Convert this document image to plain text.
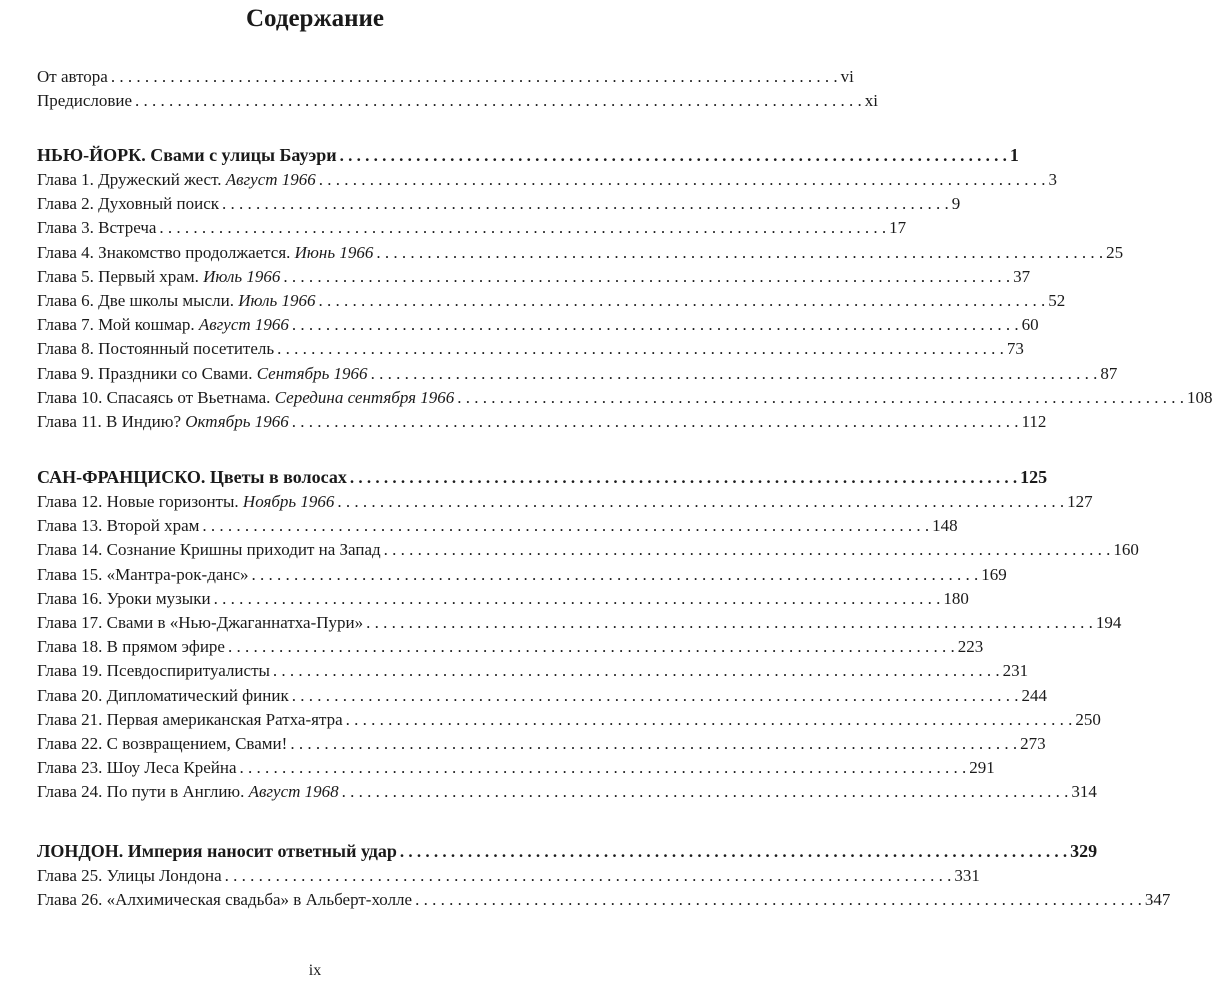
Содержание
От автора . . .	vi
Предисловие . . .	xi
НЬЮ-ЙОРК. Свами с улицы Бауэри . . .	1
Глава 1. Дружеский жест. Август 1966 . . .	3
Глава 2. Духовный поиск . . .	9
Глава 3. Встреча . . .	17
Глава 4. Знакомство продолжается. Июнь 1966 . . .	25
Глава 5. Первый храм. Июль 1966 . . .	37
Глава 6. Две школы мысли. Июль 1966 . . .	52
Глава 7. Мой кошмар. Август 1966 . . .	60
Глава 8. Постоянный посетитель . . .	73
Глава 9. Праздники со Свами. Сентябрь 1966 . . .	87
Глава 10. Спасаясь от Вьетнама. Середина сентября 1966 . . .	108
Глава 11. В Индию? Октябрь 1966 . . .	112
САН-ФРАНЦИСКО. Цветы в волосах . . .	125
Глава 12. Новые горизонты. Ноябрь 1966 . . .	127
Глава 13. Второй храм . . .	148
Глава 14. Сознание Кришны приходит на Запад . . .	160
Глава 15. «Мантра-рок-данс» . . .	169
Глава 16. Уроки музыки . . .	180
Глава 17. Свами в «Нью-Джаганнатха-Пури» . . .	194
Глава 18. В прямом эфире . . .	223
Глава 19. Псевдоспиритуалисты . . .	231
Глава 20. Дипломатический финик . . .	244
Глава 21. Первая американская Ратха-ятра . . .	250
Глава 22. С возвращением, Свами! . . .	273
Глава 23. Шоу Леса Крейна . . .	291
Глава 24. По пути в Англию. Август 1968 . . .	314
ЛОНДОН. Империя наносит ответный удар . . .	329
Глава 25. Улицы Лондона . . .	331
Глава 26. «Алхимическая свадьба» в Альберт-холле . . .	347
ix
